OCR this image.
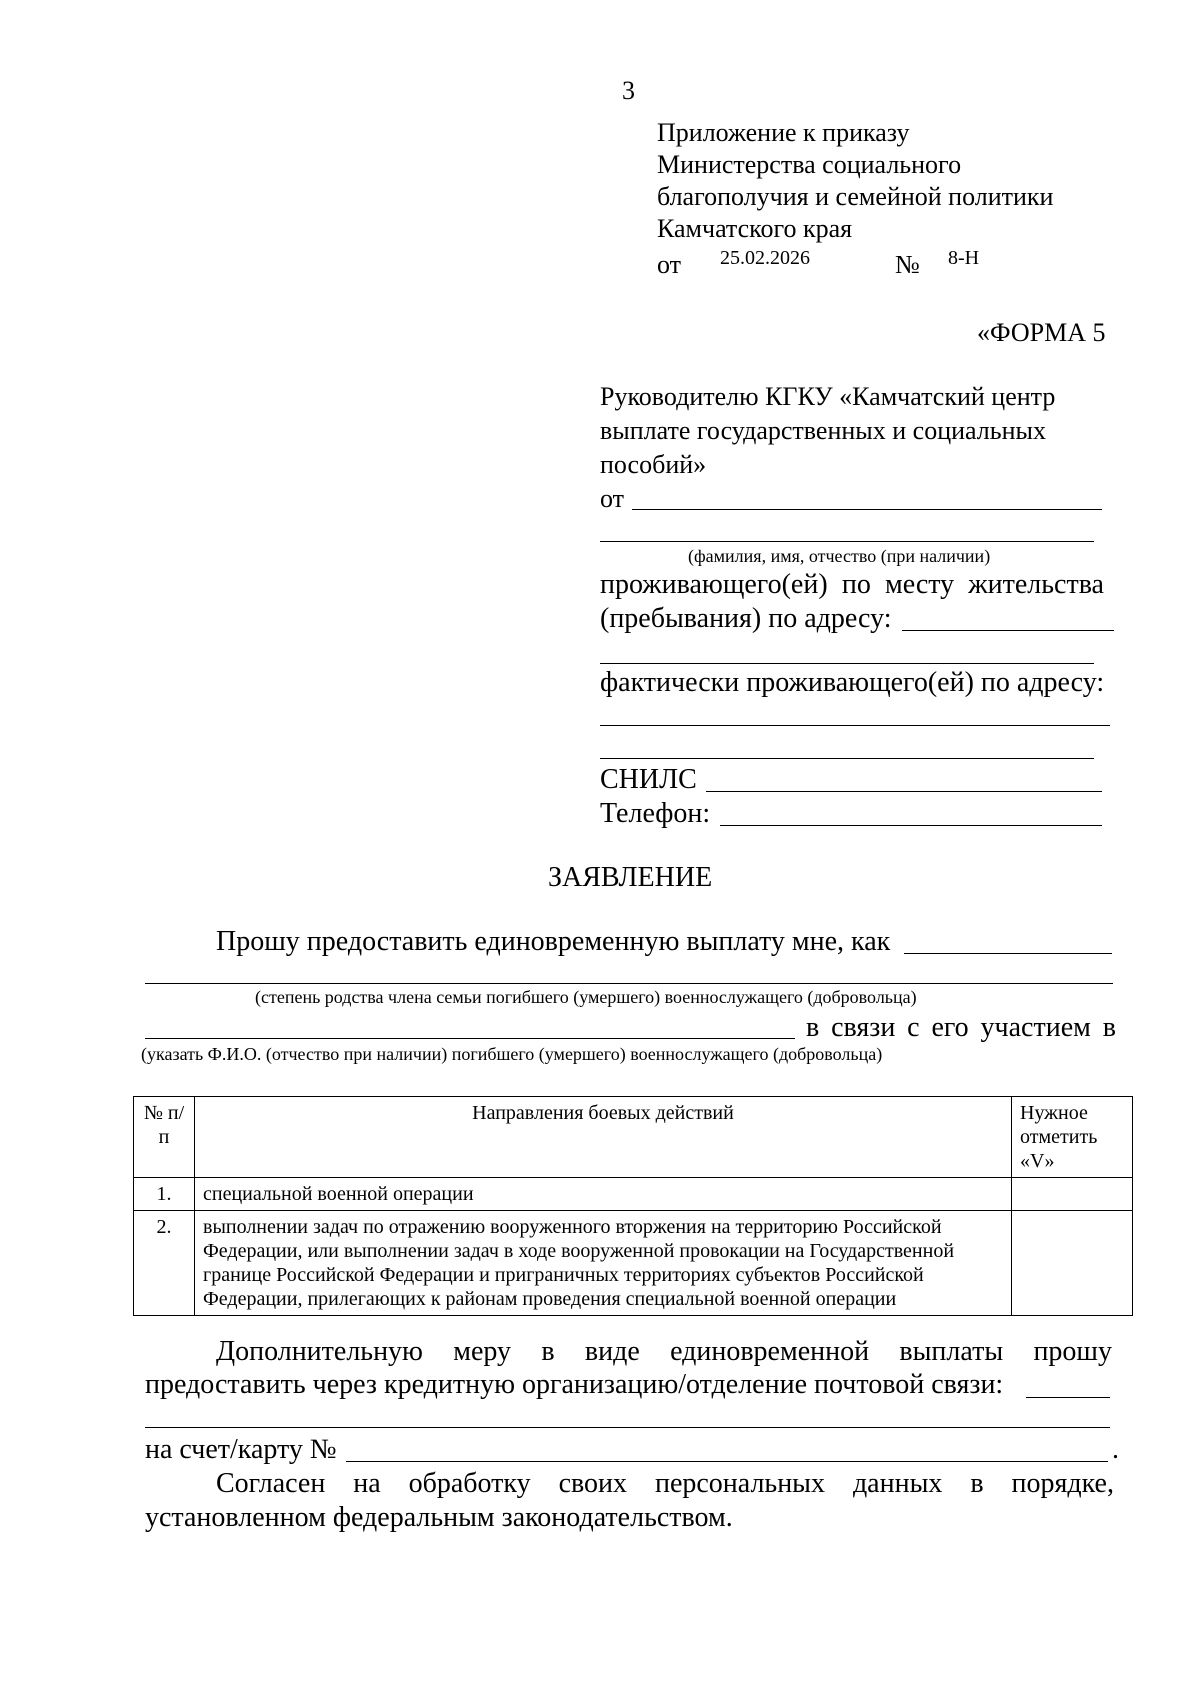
3
Приложение к приказу
Министерства социального
благополучия и семейной политики
Камчатского края
от 25.02.2026	№ 8-Н
«ФОРМА 5
Руководителю КГКУ «Камчатский центр
выплате государственных и социальных
пособий»
от
(фамилия, имя, отчество (при наличии)
проживающего(ей) по месту жительства
(пребывания) по адресу:
фактически проживающего(ей) по адресу:
СНИЛС
Телефон:
ЗАЯВЛЕНИЕ
Прошу предоставить единовременную выплату мне, как
(степень родства члена семьи погибшего (умершего) военнослужащего (добровольца)
в связи с его участием в
(указать Ф.И.О. (отчество при наличии) погибшего (умершего) военнослужащего (добровольца)
№ п/п	Направления боевых действий	Нужное отметить «V»
1.	специальной военной операции	
2.	выполнении задач по отражению вооруженного вторжения на территорию Российской Федерации, или выполнении задач в ходе вооруженной провокации на Государственной границе Российской Федерации и приграничных территориях субъектов Российской Федерации, прилегающих к районам проведения специальной военной операции	
Дополнительную меру в виде единовременной выплаты прошу
предоставить через кредитную организацию/отделение почтовой связи:
на счет/карту №	.
Согласен на обработку своих персональных данных в порядке,
установленном федеральным законодательством.
